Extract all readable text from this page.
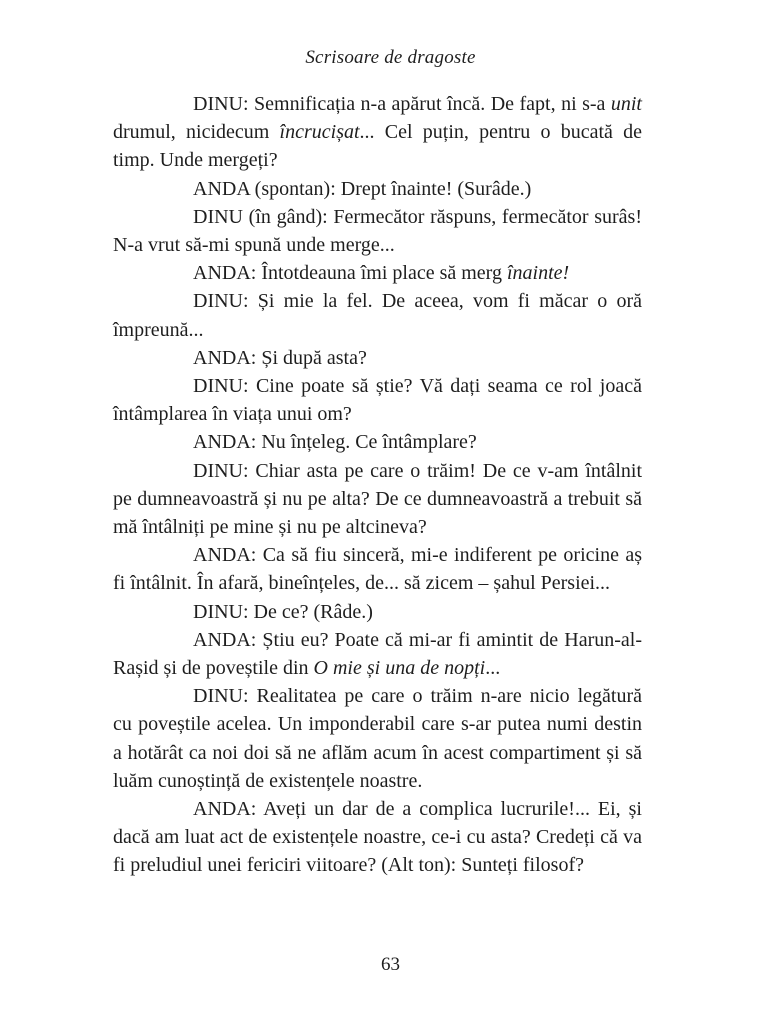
Scrisoare de dragoste

DINU: Semnificația n-a apărut încă. De fapt, ni s-a unit drumul, nicidecum încrucișat... Cel puțin, pentru o bucată de timp. Unde mergeți?

ANDA (spontan): Drept înainte! (Surâde.)

DINU (în gând): Fermecător răspuns, fermecător surâs! N-a vrut să-mi spună unde merge...

ANDA: Întotdeauna îmi place să merg înainte!

DINU: Și mie la fel. De aceea, vom fi măcar o oră împreună...

ANDA: Și după asta?

DINU: Cine poate să știe? Vă dați seama ce rol joacă întâmplarea în viața unui om?

ANDA: Nu înțeleg. Ce întâmplare?

DINU: Chiar asta pe care o trăim! De ce v-am întâlnit pe dumneavoastră și nu pe alta? De ce dumneavoastră a trebuit să mă întâlniți pe mine și nu pe altcineva?

ANDA: Ca să fiu sinceră, mi-e indiferent pe oricine aș fi întâlnit. În afară, bineînțeles, de... să zicem – șahul Persiei...

DINU: De ce? (Râde.)

ANDA: Știu eu? Poate că mi-ar fi amintit de Harun-al-Rașid și de poveștile din O mie și una de nopți...

DINU: Realitatea pe care o trăim n-are nicio legătură cu poveștile acelea. Un imponderabil care s-ar putea numi destin a hotărât ca noi doi să ne aflăm acum în acest compartiment și să luăm cunoștință de existențele noastre.

ANDA: Aveți un dar de a complica lucrurile!... Ei, și dacă am luat act de existențele noastre, ce-i cu asta? Credeți că va fi preludiul unei fericiri viitoare? (Alt ton): Sunteți filosof?

63
